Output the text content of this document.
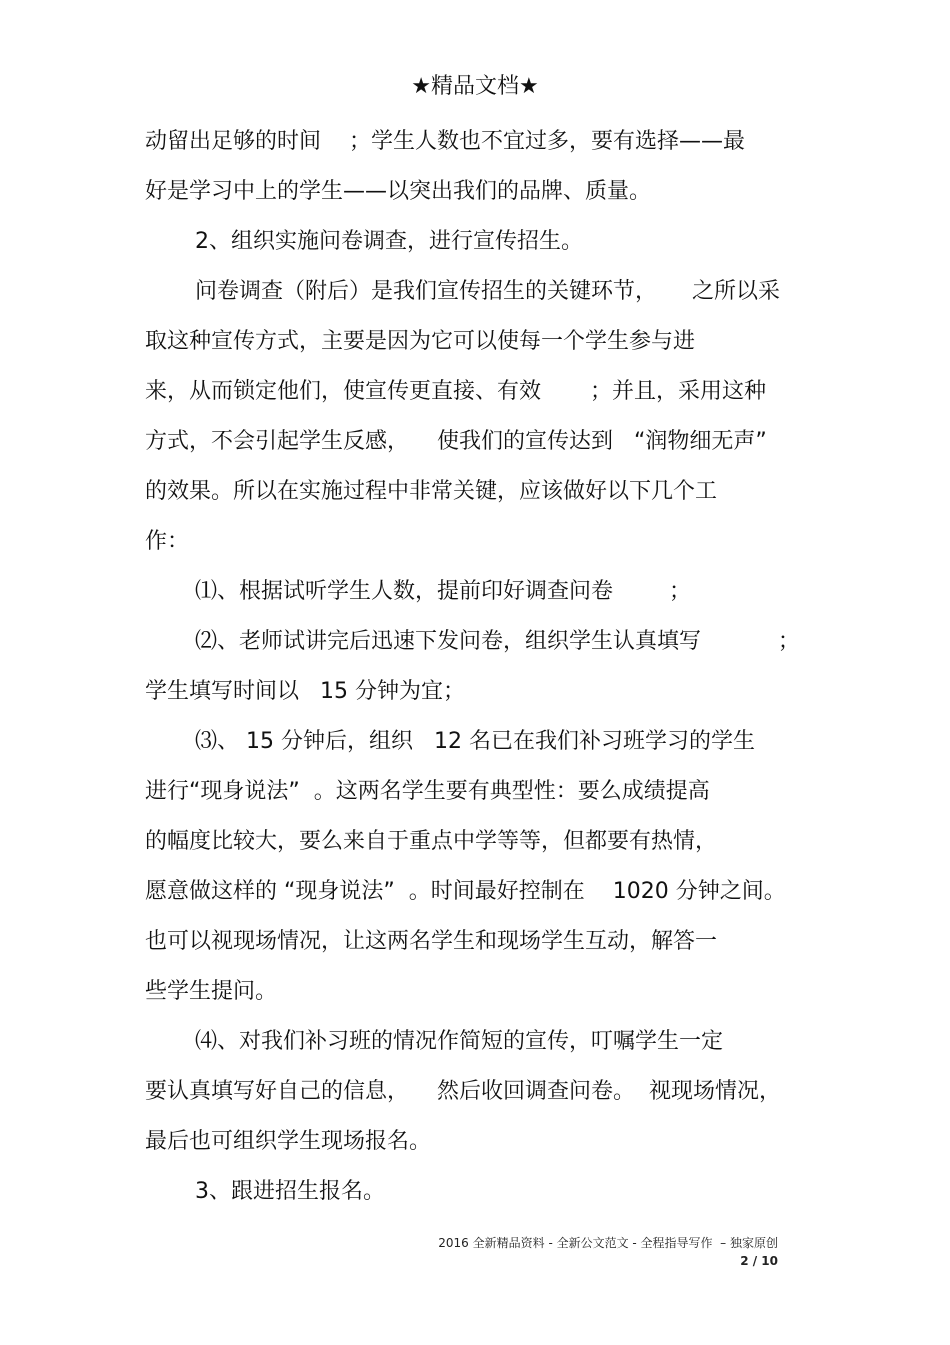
★精品文档★
动留出足够的时间    ；学生人数也不宜过多，要有选择——最
好是学习中上的学生——以突出我们的品牌、质量。
2、组织实施问卷调查，进行宣传招生。
问卷调查（附后）是我们宣传招生的关键环节，     之所以采
取这种宣传方式，主要是因为它可以使每一个学生参与进
来，从而锁定他们，使宣传更直接、有效       ；并且，采用这种
方式，不会引起学生反感，    使我们的宣传达到   “润物细无声”
的效果。所以在实施过程中非常关键，应该做好以下几个工
作：
⑴、根据试听学生人数，提前印好调查问卷        ；
⑵、老师试讲完后迅速下发问卷，组织学生认真填写           ；
学生填写时间以   15 分钟为宜；
⑶、 15 分钟后，组织   12 名已在我们补习班学习的学生
进行“现身说法”  。这两名学生要有典型性：要么成绩提高
的幅度比较大，要么来自于重点中学等等，但都要有热情，
愿意做这样的 “现身说法”  。时间最好控制在    1020 分钟之间。
也可以视现场情况，让这两名学生和现场学生互动，解答一
些学生提问。
⑷、对我们补习班的情况作简短的宣传，叮嘱学生一定
要认真填写好自己的信息，    然后收回调查问卷。  视现场情况，
最后也可组织学生现场报名。
3、跟进招生报名。
2016 全新精品资料 - 全新公文范文 - 全程指导写作  – 独家原创
2 / 10
